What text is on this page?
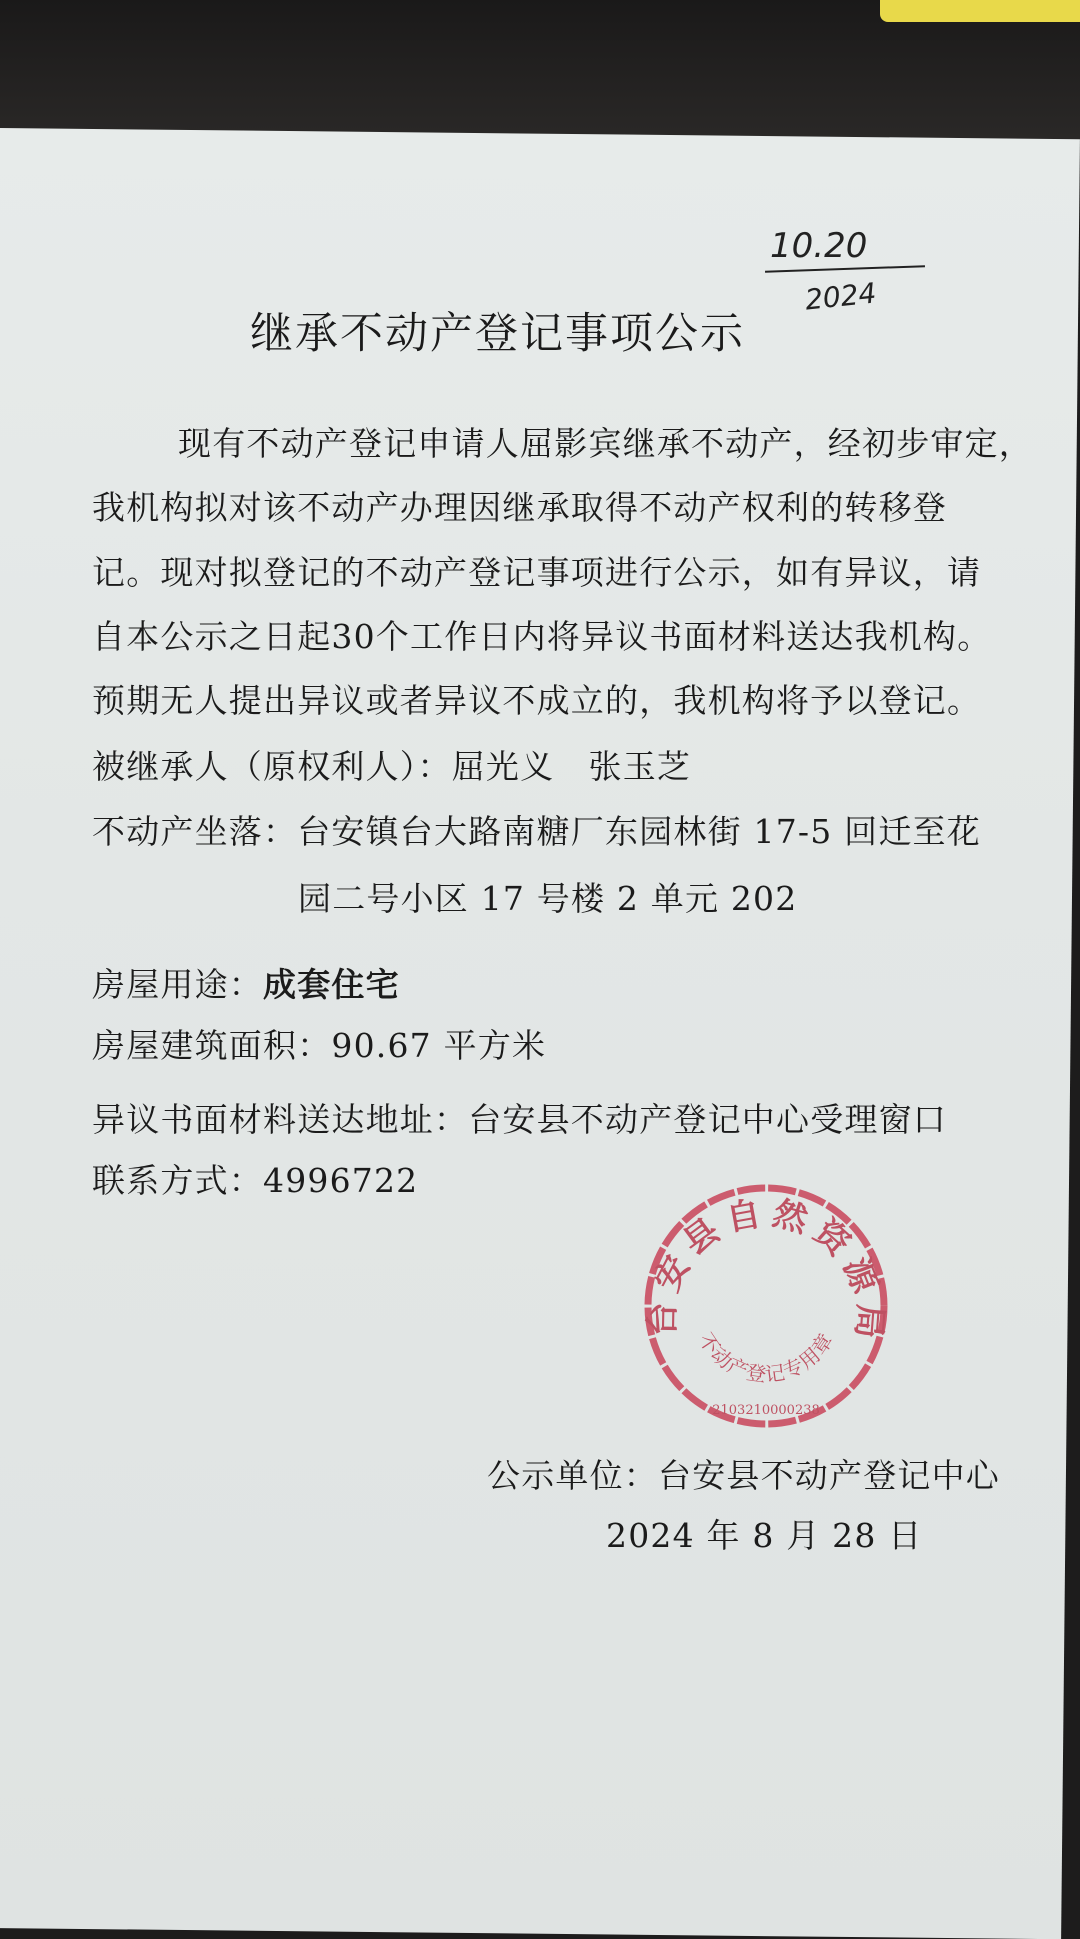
继承不动产登记事项公示
10.20
2024
现有不动产登记申请人屈影宾继承不动产，经初步审定，
我机构拟对该不动产办理因继承取得不动产权利的转移登
记。现对拟登记的不动产登记事项进行公示，如有异议，请
自本公示之日起30个工作日内将异议书面材料送达我机构。
预期无人提出异议或者异议不成立的，我机构将予以登记。
被继承人（原权利人）：屈光义　张玉芝
不动产坐落：台安镇台大路南糖厂东园林街 17-5 回迁至花
园二号小区 17 号楼 2 单元 202
房屋用途：成套住宅
房屋建筑面积：90.67 平方米
异议书面材料送达地址：台安县不动产登记中心受理窗口
联系方式：4996722
公示单位：台安县不动产登记中心
2024 年 8 月 28 日
台安县自然资源局
不动产登记专用章
2103210000238
